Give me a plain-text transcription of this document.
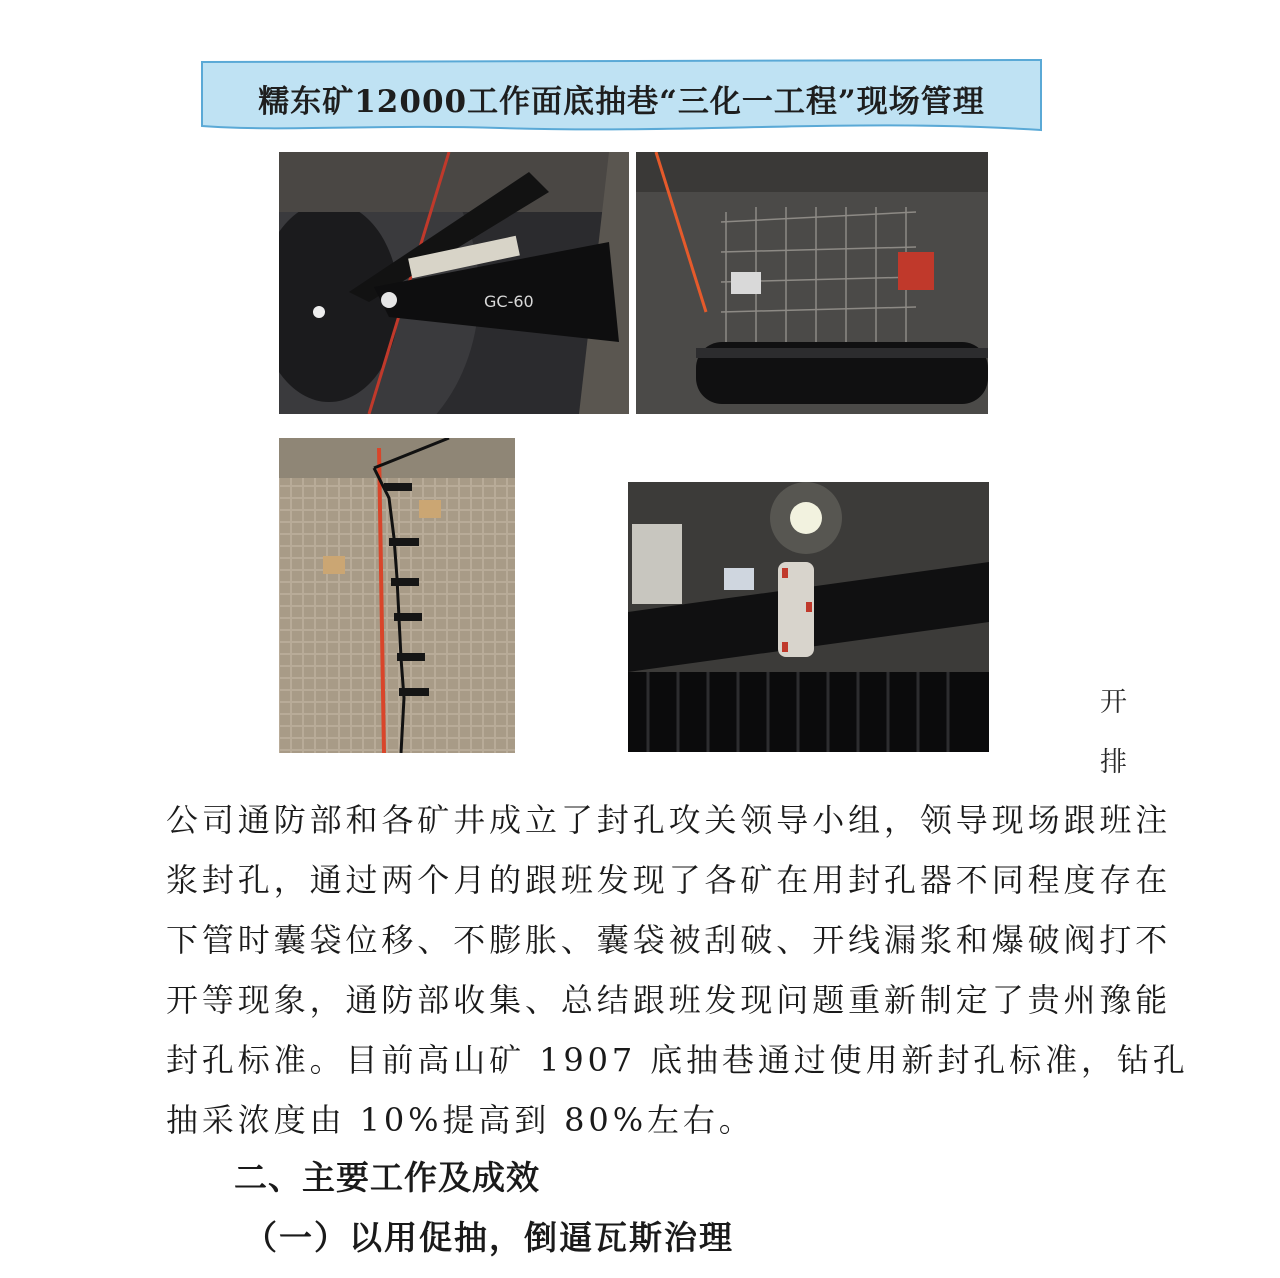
糯东矿12000工作面底抽巷“三化一工程”现场管理
GC-60
开
排
公司通防部和各矿井成立了封孔攻关领导小组，领导现场跟班注
浆封孔，通过两个月的跟班发现了各矿在用封孔器不同程度存在
下管时囊袋位移、不膨胀、囊袋被刮破、开线漏浆和爆破阀打不
开等现象，通防部收集、总结跟班发现问题重新制定了贵州豫能
封孔标准。目前高山矿 1907 底抽巷通过使用新封孔标准，钻孔
抽采浓度由 10%提高到 80%左右。
二、主要工作及成效
（一）以用促抽，倒逼瓦斯治理
